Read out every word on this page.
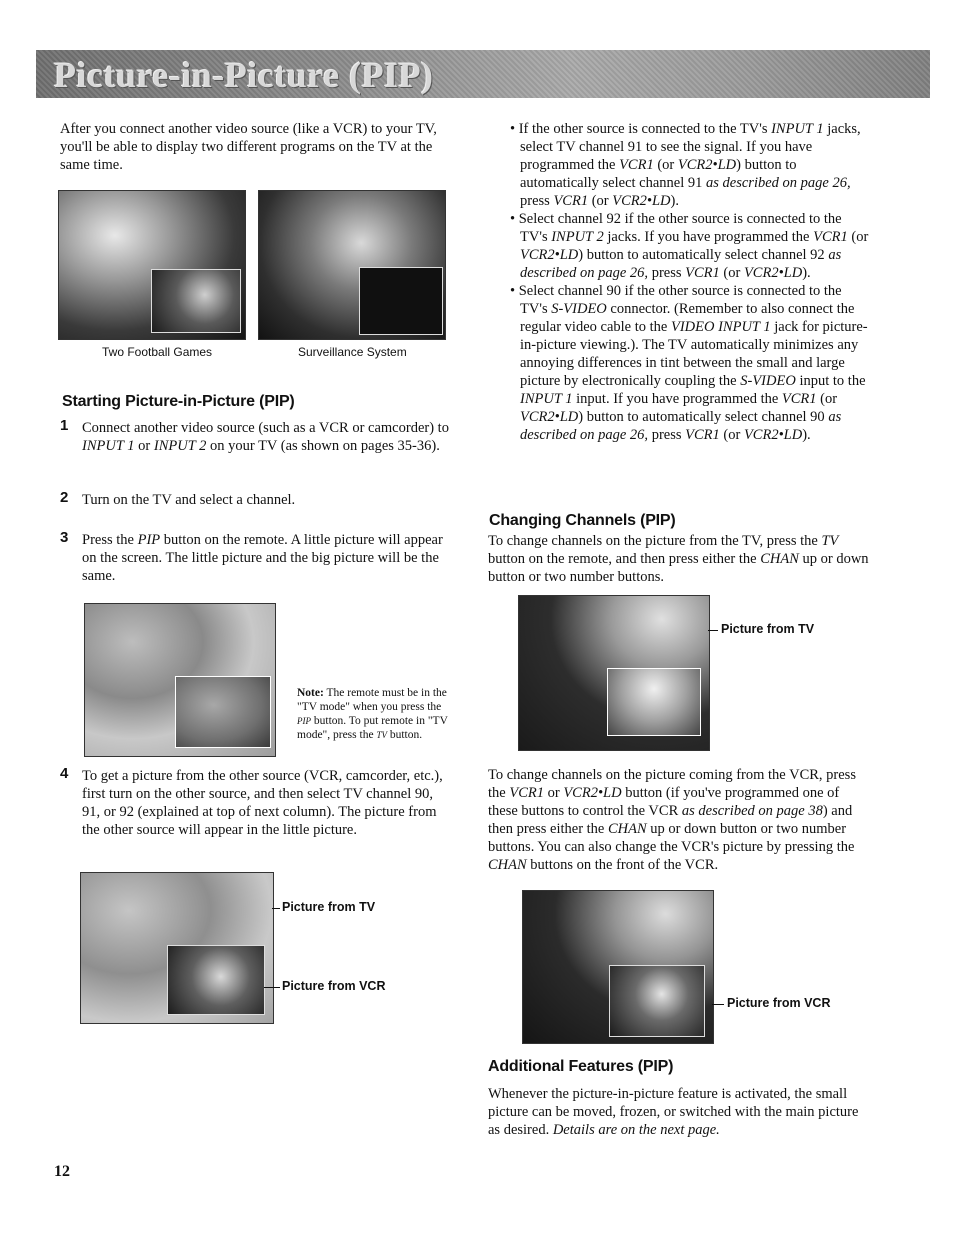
Picture-in-Picture (PIP)

After you connect another video source (like a VCR) to your TV, you'll be able to display two different programs on the TV at the same time.

Two Football Games	Surveillance System
Starting Picture-in-Picture (PIP)
1 Connect another video source (such as a VCR or camcorder) to INPUT 1 or INPUT 2 on your TV (as shown on pages 35-36).

2 Turn on the TV and select a channel.

3 Press the PIP button on the remote. A little picture will appear on the screen. The little picture and the big picture will be the same.

Note: The remote must be in the "TV mode" when you press the PIP button. To put remote in "TV mode", press the TV button.
4 To get a picture from the other source (VCR, camcorder, etc.), first turn on the other source, and then select TV channel 90, 91, or 92 (explained at top of next column). The picture from the other source will appear in the little picture.

Picture from TV
Picture from VCR

• If the other source is connected to the TV's INPUT 1 jacks, select TV channel 91 to see the signal. If you have programmed the VCR1 (or VCR2•LD) button to automatically select channel 91 as described on page 26, press VCR1 (or VCR2•LD).

• Select channel 92 if the other source is connected to the TV's INPUT 2 jacks. If you have programmed the VCR1 (or VCR2•LD) button to automatically select channel 92 as described on page 26, press VCR1 (or VCR2•LD).

• Select channel 90 if the other source is connected to the TV's S-VIDEO connector. (Remember to also connect the regular video cable to the VIDEO INPUT 1 jack for picture-in-picture viewing.). The TV automatically minimizes any annoying differences in tint between the small and large picture by electronically coupling the S-VIDEO input to the INPUT 1 input. If you have programmed the VCR1 (or VCR2•LD) button to automatically select channel 90 as described on page 26, press VCR1 (or VCR2•LD).

Changing Channels (PIP)

To change channels on the picture from the TV, press the TV button on the remote, and then press either the CHAN up or down button or two number buttons.

Picture from TV

To change channels on the picture coming from the VCR, press the VCR1 or VCR2•LD button (if you've programmed one of these buttons to control the VCR as described on page 38) and then press either the CHAN up or down button or two number buttons. You can also change the VCR's picture by pressing the CHAN buttons on the front of the VCR.

Picture from VCR
Additional Features (PIP)

Whenever the picture-in-picture feature is activated, the small picture can be moved, frozen, or switched with the main picture as desired. Details are on the next page.

12
